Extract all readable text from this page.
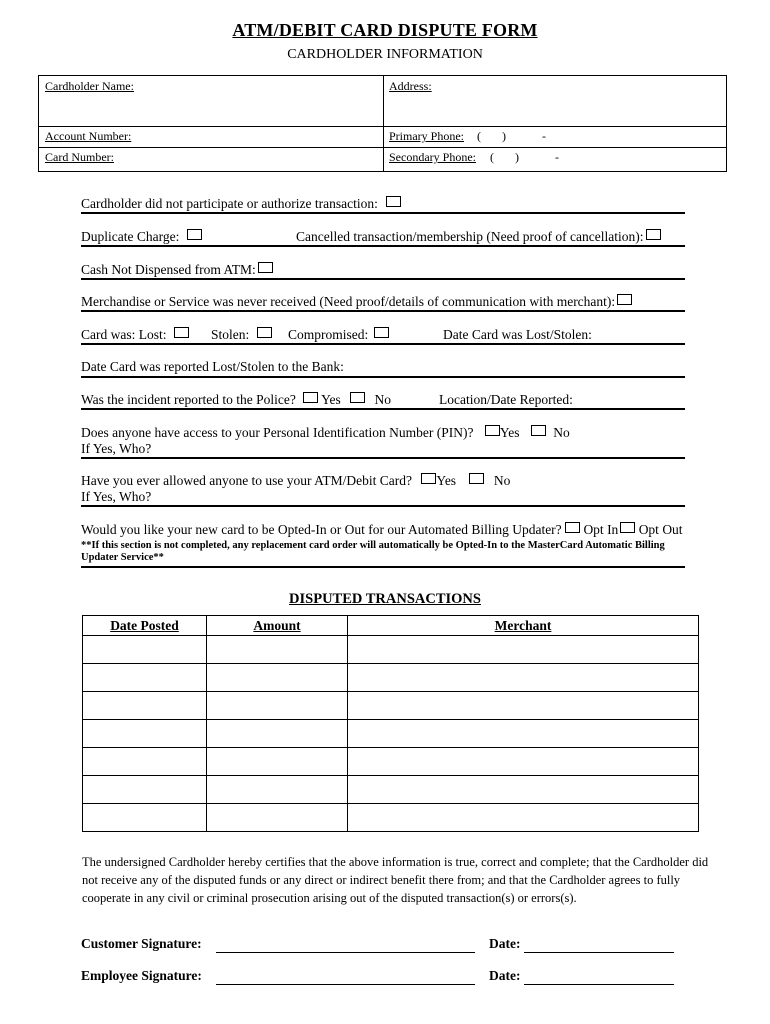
ATM/DEBIT CARD DISPUTE FORM
CARDHOLDER INFORMATION
Cardholder Name:	Address:
Account Number:	Primary Phone: (       )            -
Card Number:	Secondary Phone: (       )            -
Cardholder did not participate or authorize transaction:
Duplicate Charge:	Cancelled transaction/membership (Need proof of cancellation):
Cash Not Dispensed from ATM:
Merchandise or Service was never received (Need proof/details of communication with merchant):
Card was: Lost:	Stolen:	Compromised:	Date Card was Lost/Stolen:
Date Card was reported Lost/Stolen to the Bank:
Was the incident reported to the Police? Yes	No	Location/Date Reported:
Does anyone have access to your Personal Identification Number (PIN)? Yes	No
If Yes, Who?
Have you ever allowed anyone to use your ATM/Debit Card? Yes	No
If Yes, Who?
Would you like your new card to be Opted-In or Out for our Automated Billing Updater? Opt In Opt Out
**If this section is not completed, any replacement card order will automatically be Opted-In to the MasterCard Automatic Billing Updater Service**
DISPUTED TRANSACTIONS
Date Posted	Amount	Merchant

The undersigned Cardholder hereby certifies that the above information is true, correct and complete; that the Cardholder did not receive any of the disputed funds or any direct or indirect benefit there from; and that the Cardholder agrees to fully cooperate in any civil or criminal prosecution arising out of the disputed transaction(s) or errors(s).
Customer Signature:	Date:
Employee Signature:	Date:
